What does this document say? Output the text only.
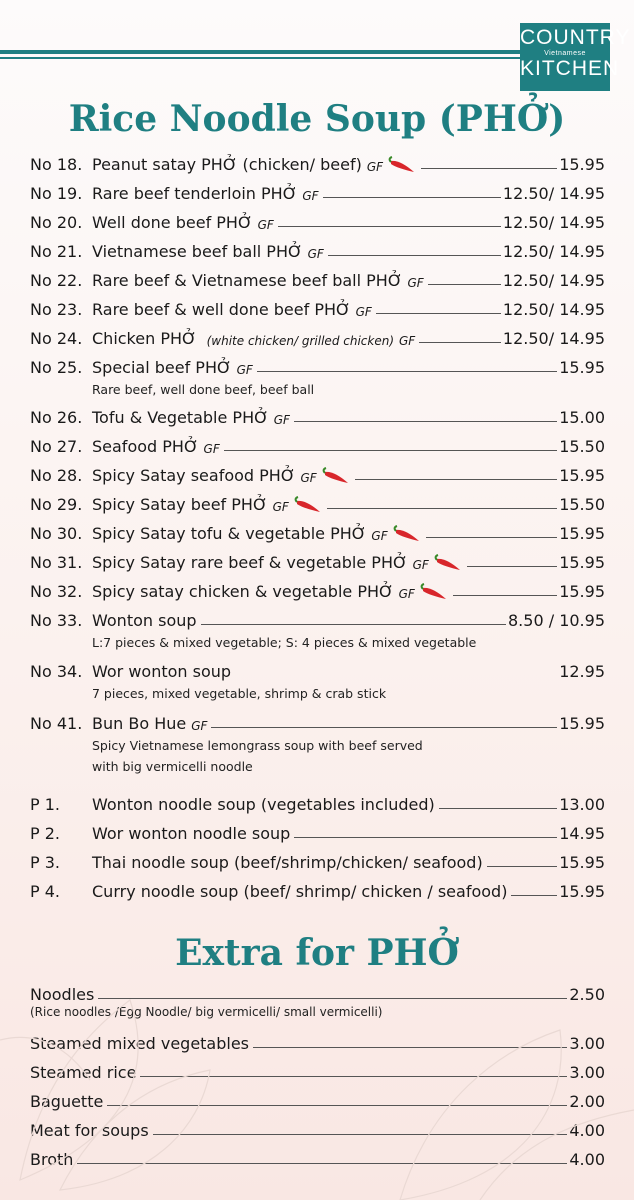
COUNTRY
Vietnamese
KITCHEN
Rice Noodle Soup (PHỞ)
No 18. Peanut satay PHỞ (chicken/ beef) GF	15.95
No 19. Rare beef tenderloin PHỞ GF	12.50/ 14.95
No 20. Well done beef PHỞ GF	12.50/ 14.95
No 21. Vietnamese beef ball PHỞ GF	12.50/ 14.95
No 22. Rare beef & Vietnamese beef ball PHỞ GF	12.50/ 14.95
No 23. Rare beef & well done beef PHỞ GF	12.50/ 14.95
No 24. Chicken PHỞ (white chicken/ grilled chicken) GF	12.50/ 14.95
No 25. Special beef PHỞ GF	15.95
Rare beef, well done beef, beef ball
No 26. Tofu & Vegetable PHỞ GF	15.00
No 27. Seafood PHỞ GF	15.50
No 28. Spicy Satay seafood PHỞ GF	15.95
No 29. Spicy Satay beef PHỞ GF	15.50
No 30. Spicy Satay tofu & vegetable PHỞ GF	15.95
No 31. Spicy Satay rare beef & vegetable PHỞ GF	15.95
No 32. Spicy satay chicken & vegetable PHỞ GF	15.95
No 33. Wonton soup	8.50 / 10.95
L:7 pieces & mixed vegetable; S: 4 pieces & mixed vegetable
No 34. Wor wonton soup	12.95
7 pieces, mixed vegetable, shrimp & crab stick
No 41. Bun Bo Hue GF	15.95
Spicy Vietnamese lemongrass soup with beef served
with big vermicelli noodle
P 1.	Wonton noodle soup (vegetables included)	13.00
P 2.	Wor wonton noodle soup	14.95
P 3.	Thai noodle soup (beef/shrimp/chicken/ seafood)	15.95
P 4.	Curry noodle soup (beef/ shrimp/ chicken / seafood)	15.95
Extra for PHỞ
Noodles	2.50
(Rice noodles /Egg Noodle/ big vermicelli/ small vermicelli)
Steamed mixed vegetables	3.00
Steamed rice	3.00
Baguette	2.00
Meat for soups	4.00
Broth	4.00
